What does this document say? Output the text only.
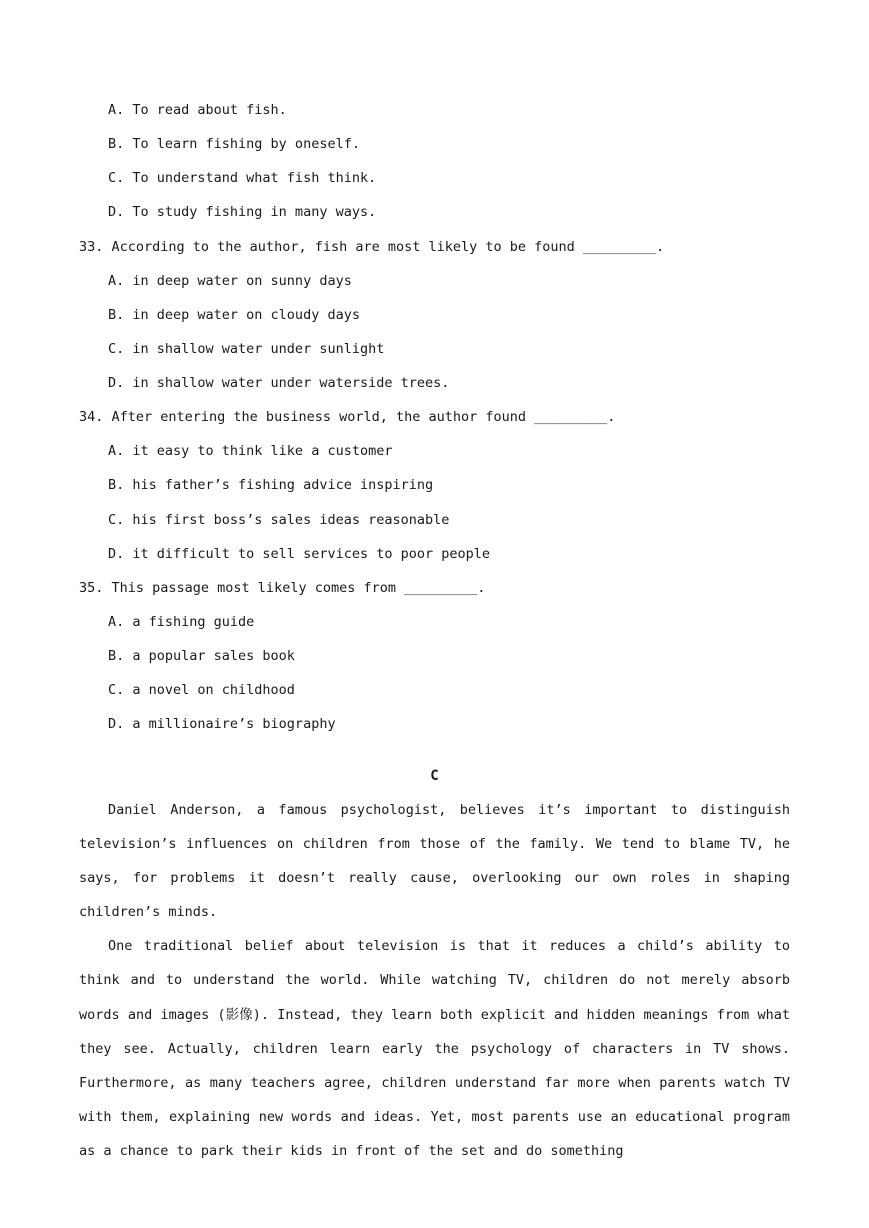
A. To read about fish.
B. To learn fishing by oneself.
C. To understand what fish think.
D. To study fishing in many ways.
33. According to the author, fish are most likely to be found _________.
A. in deep water on sunny days
B. in deep water on cloudy days
C. in shallow water under sunlight
D. in shallow water under waterside trees.
34. After entering the business world, the author found _________.
A. it easy to think like a customer
B. his father’s fishing advice inspiring
C. his first boss’s sales ideas reasonable
D. it difficult to sell services to poor people
35. This passage most likely comes from _________.
A. a fishing guide
B. a popular sales book
C. a novel on childhood
D. a millionaire’s biography
C

Daniel Anderson, a famous psychologist, believes it’s important to distinguish television’s influences on children from those of the family. We tend to blame TV, he says, for problems it doesn’t really cause, overlooking our own roles in shaping children’s minds.

One traditional belief about television is that it reduces a child’s ability to think and to understand the world. While watching TV, children do not merely absorb words and images (影像). Instead, they learn both explicit and hidden meanings from what they see. Actually, children learn early the psychology of characters in TV shows. Furthermore, as many teachers agree, children understand far more when parents watch TV with them, explaining new words and ideas. Yet, most parents use an educational program as a chance to park their kids in front of the set and do something
